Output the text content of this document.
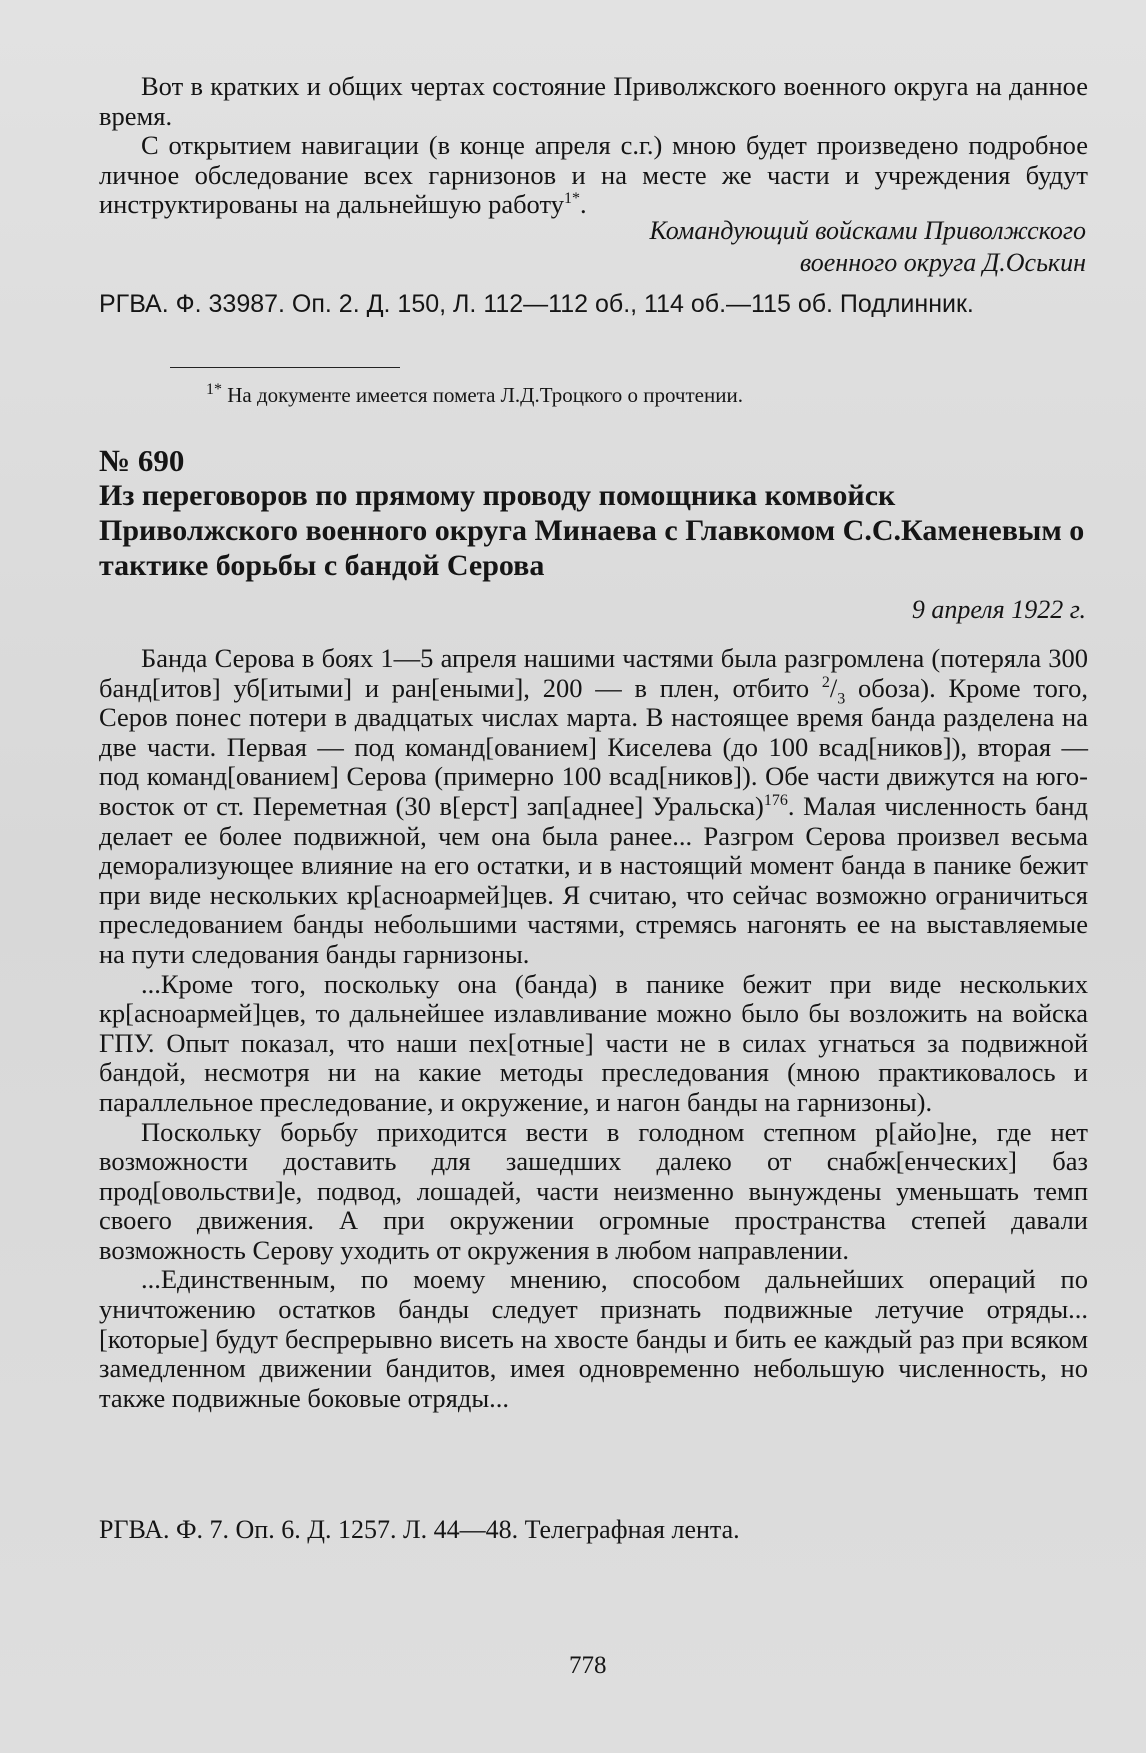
Вот в кратких и общих чертах состояние Приволжского военного округа на данное время.

С открытием навигации (в конце апреля с.г.) мною будет произведено подробное личное обследование всех гарнизонов и на месте же части и учреждения будут инструктированы на дальнейшую работу$^{1*}$.

Командующий войсками Приволжского
военного округа Д.Оськин
РГВА. Ф. 33987. Оп. 2. Д. 150, Л. 112—112 об., 114 об.—115 об. Подлинник.
$^{1*}$ На документе имеется помета Л.Д.Троцкого о прочтении.
№ 690
Из переговоров по прямому проводу помощника комвойск Приволжского военного округа Минаева с Главкомом С.С.Каменевым о тактике борьбы с бандой Серова
9 апреля 1922 г.

Банда Серова в боях 1—5 апреля нашими частями была разгромлена (потеряла 300 банд[итов] уб[итыми] и ран[еными], 200 — в плен, отбито $^2/_3$ обоза). Кроме того, Серов понес потери в двадцатых числах марта. В настоящее время банда разделена на две части. Первая — под команд[ованием] Киселева (до 100 всад[ников]), вторая — под команд[ованием] Серова (примерно 100 всад[ников]). Обе части движутся на юго-восток от ст. Переметная (30 в[ерст] зап[аднее] Уральска)$^{176}$. Малая численность банд делает ее более подвижной, чем она была ранее... Разгром Серова произвел весьма деморализующее влияние на его остатки, и в настоящий момент банда в панике бежит при виде нескольких кр[асноармей]цев. Я считаю, что сейчас возможно ограничиться преследованием банды небольшими частями, стремясь нагонять ее на выставляемые на пути следования банды гарнизоны.

...Кроме того, поскольку она (банда) в панике бежит при виде нескольких кр[асноармей]цев, то дальнейшее излавливание можно было бы возложить на войска ГПУ. Опыт показал, что наши пех[отные] части не в силах угнаться за подвижной бандой, несмотря ни на какие методы преследования (мною практиковалось и параллельное преследование, и окружение, и нагон банды на гарнизоны).

Поскольку борьбу приходится вести в голодном степном р[айо]не, где нет возможности доставить для зашедших далеко от снабж[енческих] баз прод[овольстви]е, подвод, лошадей, части неизменно вынуждены уменьшать темп своего движения. А при окружении огромные пространства степей давали возможность Серову уходить от окружения в любом направлении.

...Единственным, по моему мнению, способом дальнейших операций по уничтожению остатков банды следует признать подвижные летучие отряды... [которые] будут беспрерывно висеть на хвосте банды и бить ее каждый раз при всяком замедленном движении бандитов, имея одновременно небольшую численность, но также подвижные боковые отряды...

РГВА. Ф. 7. Оп. 6. Д. 1257. Л. 44—48. Телеграфная лента.
778
